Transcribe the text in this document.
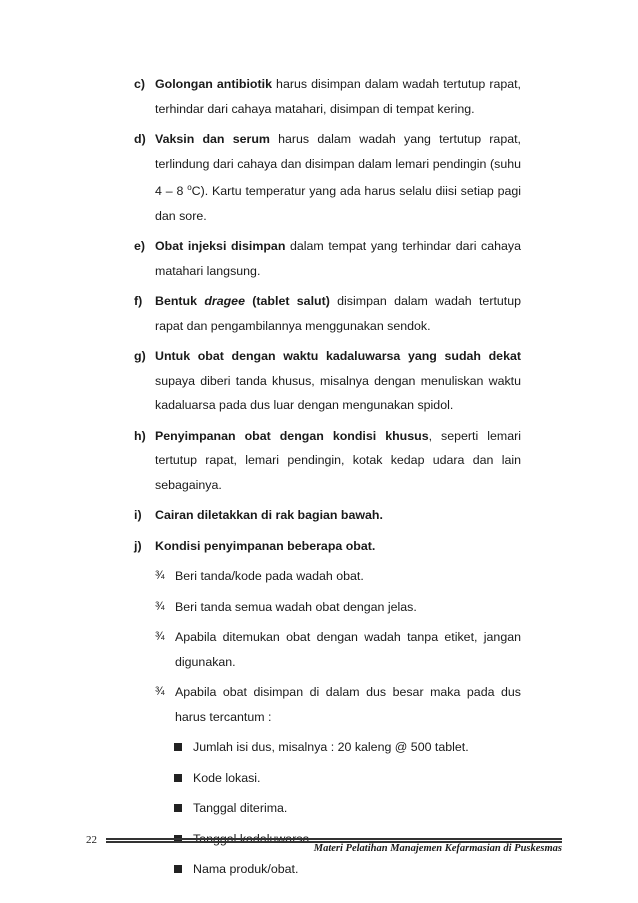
c) Golongan antibiotik harus disimpan dalam wadah tertutup rapat, terhindar dari cahaya matahari, disimpan di tempat kering.
d) Vaksin dan serum harus dalam wadah yang tertutup rapat, terlindung dari cahaya dan disimpan dalam lemari pendingin (suhu 4 – 8 $^o$C). Kartu temperatur yang ada harus selalu diisi setiap pagi dan sore.
e) Obat injeksi disimpan dalam tempat yang terhindar dari cahaya matahari langsung.
f)	Bentuk dragee (tablet salut) disimpan dalam wadah tertutup rapat dan pengambilannya menggunakan sendok.
g) Untuk obat dengan waktu kadaluwarsa yang sudah dekat supaya diberi tanda khusus, misalnya dengan menuliskan waktu kadaluarsa pada dus luar dengan mengunakan spidol.
h) Penyimpanan obat dengan kondisi khusus, seperti lemari tertutup rapat, lemari pendingin, kotak kedap udara dan lain sebagainya.
i)	Cairan diletakkan di rak bagian bawah.
j)	Kondisi penyimpanan beberapa obat.
¾ Beri tanda/kode pada wadah obat.
¾ Beri tanda semua wadah obat dengan jelas.
¾ Apabila ditemukan obat dengan wadah tanpa etiket, jangan digunakan.
¾ Apabila obat disimpan di dalam dus besar maka pada dus harus tercantum :
Jumlah isi dus, misalnya : 20 kaleng @ 500 tablet.
Kode lokasi.
Tanggal diterima.
Nama produk/obat.
22
Materi Pelatihan Manajemen Kefarmasian di Puskesmas
